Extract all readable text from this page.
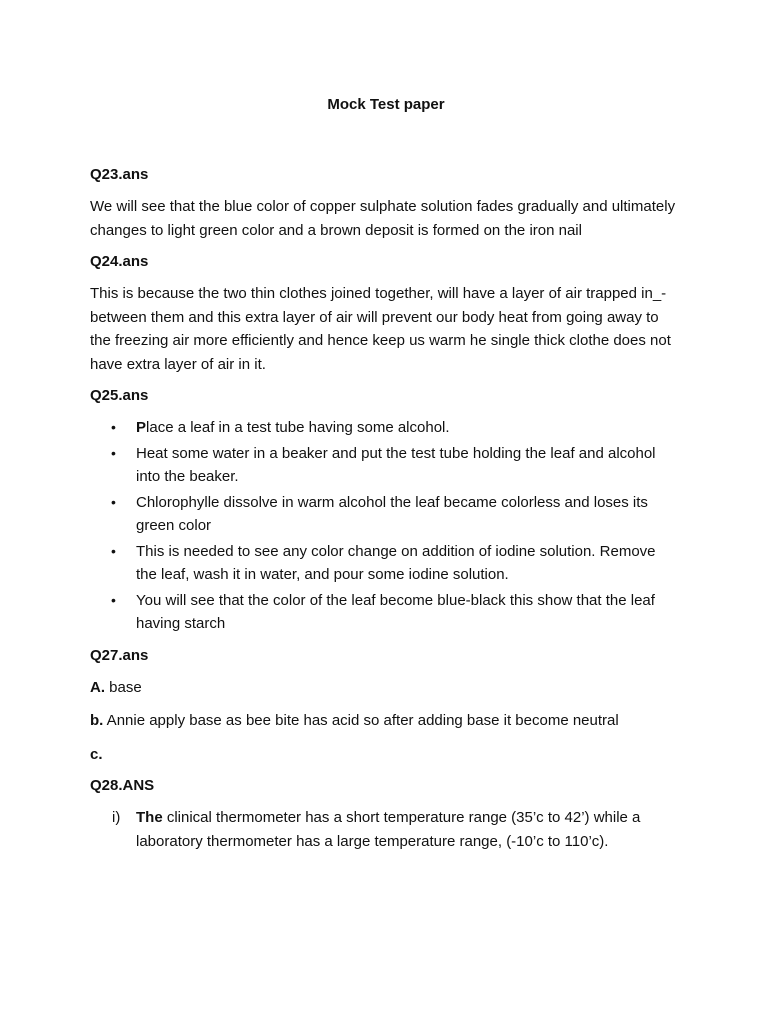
Mock Test paper
Q23.ans
We will see that the blue color of copper sulphate solution fades gradually and ultimately changes to light green color and a brown deposit is formed on the iron nail
Q24.ans
This is because the two thin clothes joined together, will have a layer of air trapped in_-between them and this extra layer of air will prevent our body heat from going away to the freezing air more efficiently and hence keep us warm he single thick clothe does not have extra layer of air in it.
Q25.ans
• Place a leaf in a test tube having some alcohol.
• Heat some water in a beaker and put the test tube holding the leaf and alcohol into the beaker.
• Chlorophylle dissolve in warm alcohol the leaf became colorless and loses its green color
• This is needed to see any color change on addition of iodine solution. Remove the leaf, wash it in water, and pour some iodine solution.
• You will see that the color of the leaf become blue-black this show that the leaf having starch
Q27.ans
A. base
b. Annie apply base as bee bite has acid so after adding base it become neutral
c.
Q28.ANS
i) The clinical thermometer has a short temperature range (35’c to 42’) while a laboratory thermometer has a large temperature range, (-10’c to 110’c).
